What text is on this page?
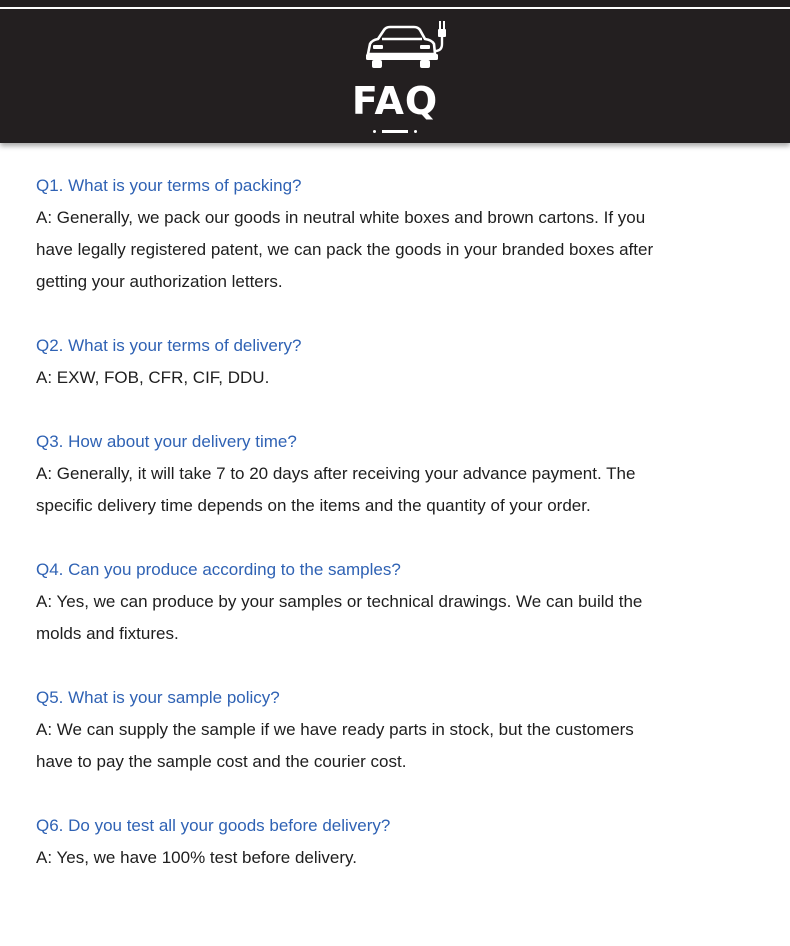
FAQ

Q1. What is your terms of packing?

A: Generally, we pack our goods in neutral white boxes and brown cartons. If you

have legally registered patent, we can pack the goods in your branded boxes after

getting your authorization letters.

Q2. What is your terms of delivery?

A: EXW, FOB, CFR, CIF, DDU.

Q3. How about your delivery time?

A: Generally, it will take 7 to 20 days after receiving your advance payment. The

specific delivery time depends on the items and the quantity of your order.

Q4. Can you produce according to the samples?

A: Yes, we can produce by your samples or technical drawings. We can build the

molds and fixtures.

Q5. What is your sample policy?

A: We can supply the sample if we have ready parts in stock, but the customers

have to pay the sample cost and the courier cost.

Q6. Do you test all your goods before delivery?

A: Yes, we have 100% test before delivery.
